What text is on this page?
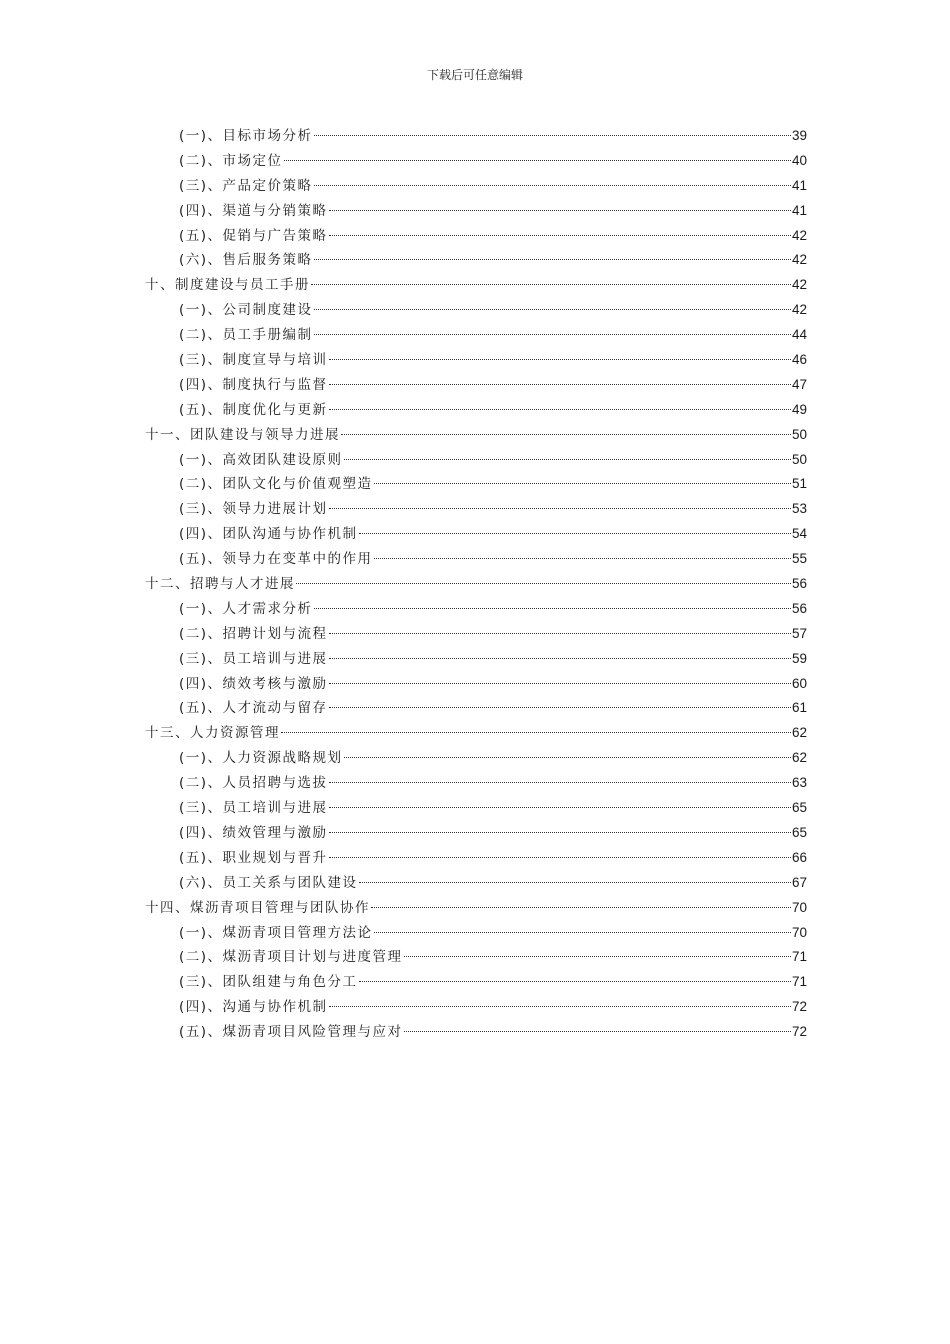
下载后可任意编辑
(一)、目标市场分析	39
(二)、市场定位	40
(三)、产品定价策略	41
(四)、渠道与分销策略	41
(五)、促销与广告策略	42
(六)、售后服务策略	42
十、制度建设与员工手册	42
(一)、公司制度建设	42
(二)、员工手册编制	44
(三)、制度宣导与培训	46
(四)、制度执行与监督	47
(五)、制度优化与更新	49
十一、团队建设与领导力进展	50
(一)、高效团队建设原则	50
(二)、团队文化与价值观塑造	51
(三)、领导力进展计划	53
(四)、团队沟通与协作机制	54
(五)、领导力在变革中的作用	55
十二、招聘与人才进展	56
(一)、人才需求分析	56
(二)、招聘计划与流程	57
(三)、员工培训与进展	59
(四)、绩效考核与激励	60
(五)、人才流动与留存	61
十三、人力资源管理	62
(一)、人力资源战略规划	62
(二)、人员招聘与选拔	63
(三)、员工培训与进展	65
(四)、绩效管理与激励	65
(五)、职业规划与晋升	66
(六)、员工关系与团队建设	67
十四、煤沥青项目管理与团队协作	70
(一)、煤沥青项目管理方法论	70
(二)、煤沥青项目计划与进度管理	71
(三)、团队组建与角色分工	71
(四)、沟通与协作机制	72
(五)、煤沥青项目风险管理与应对	72
